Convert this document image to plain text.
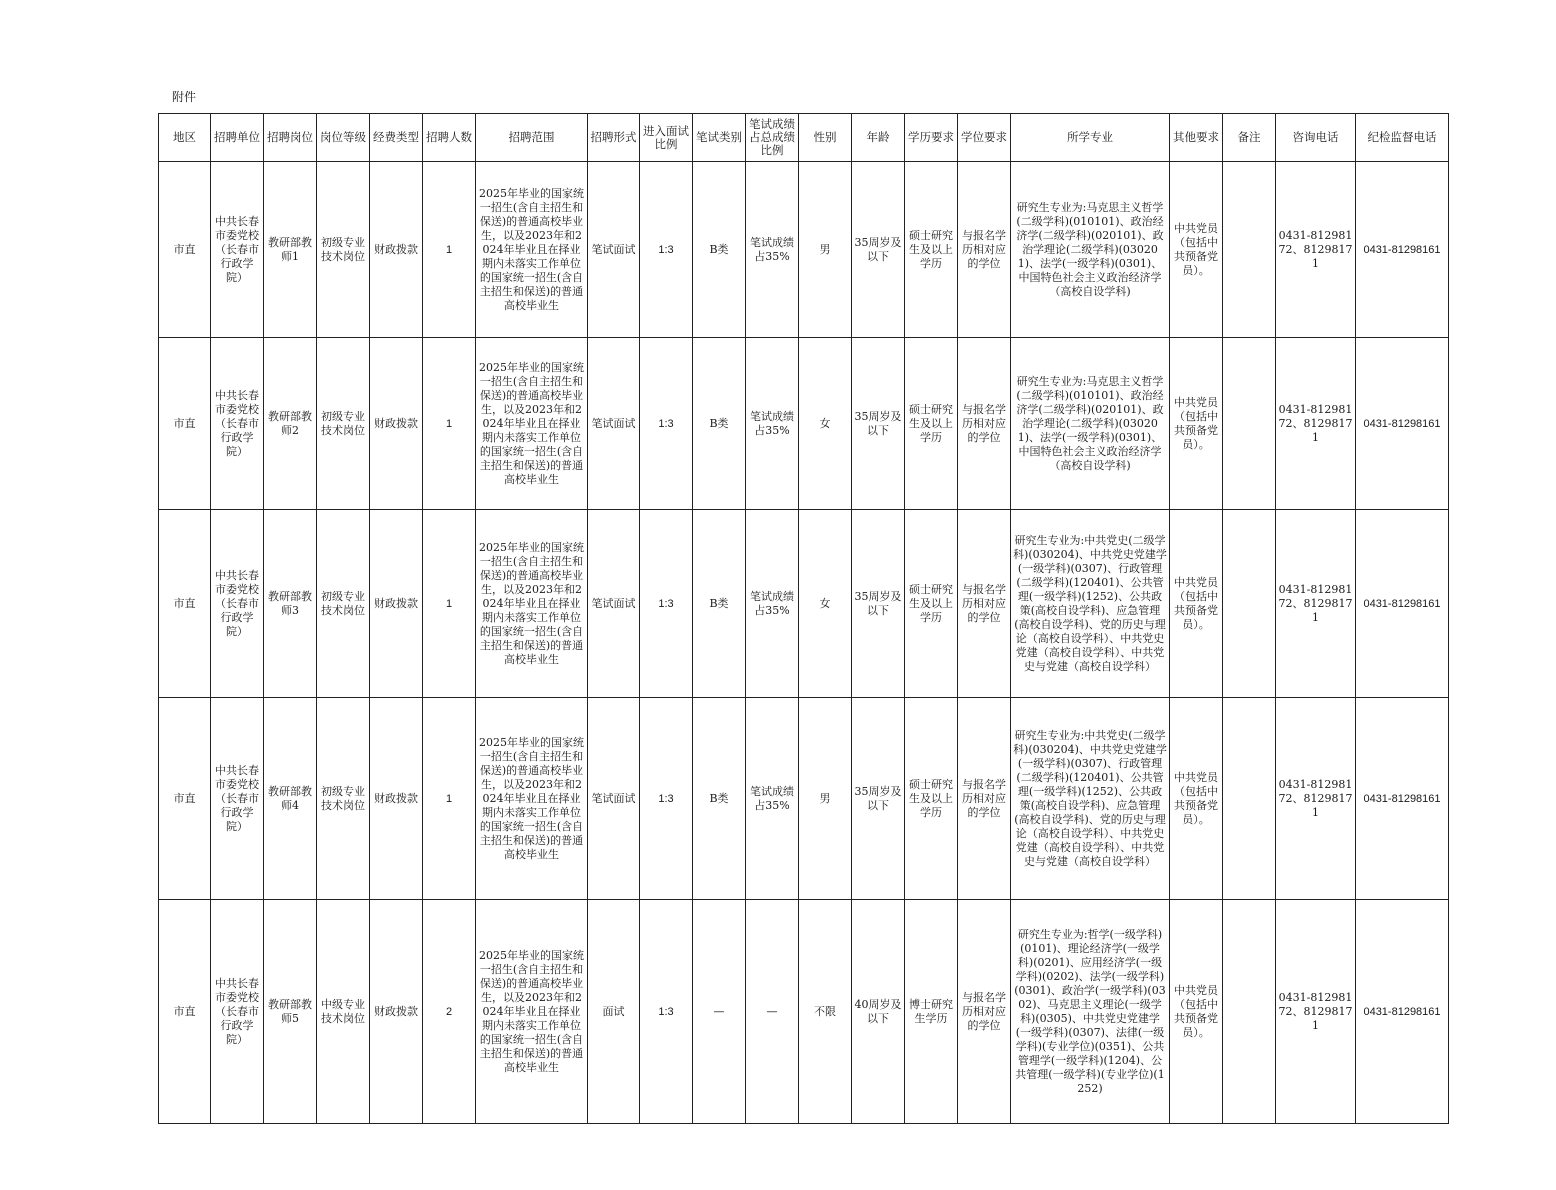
附件
地区	招聘单位	招聘岗位	岗位等级	经费类型	招聘人数	招聘范围	招聘形式	进入面试比例	笔试类别	笔试成绩占总成绩比例	性别	年龄	学历要求	学位要求	所学专业	其他要求	备注	咨询电话	纪检监督电话
市直	中共长春市委党校（长春市行政学院）	教研部教师1	初级专业技术岗位	财政拨款	1	2025年毕业的国家统一招生(含自主招生和保送)的普通高校毕业生，以及2023年和2024年毕业且在择业期内未落实工作单位的国家统一招生(含自主招生和保送)的普通高校毕业生	笔试面试	1:3	B类	笔试成绩占35%	男	35周岁及以下	硕士研究生及以上学历	与报名学历相对应的学位	研究生专业为:马克思主义哲学(二级学科)(010101)、政治经济学(二级学科)(020101)、政治学理论(二级学科)(030201)、法学(一级学科)(0301)、中国特色社会主义政治经济学（高校自设学科)	中共党员（包括中共预备党员）。		0431-81298172、81298171	0431-81298161
市直	中共长春市委党校（长春市行政学院）	教研部教师2	初级专业技术岗位	财政拨款	1	2025年毕业的国家统一招生(含自主招生和保送)的普通高校毕业生，以及2023年和2024年毕业且在择业期内未落实工作单位的国家统一招生(含自主招生和保送)的普通高校毕业生	笔试面试	1:3	B类	笔试成绩占35%	女	35周岁及以下	硕士研究生及以上学历	与报名学历相对应的学位	研究生专业为:马克思主义哲学(二级学科)(010101)、政治经济学(二级学科)(020101)、政治学理论(二级学科)(030201)、法学(一级学科)(0301)、中国特色社会主义政治经济学（高校自设学科)	中共党员（包括中共预备党员）。		0431-81298172、81298171	0431-81298161
市直	中共长春市委党校（长春市行政学院）	教研部教师3	初级专业技术岗位	财政拨款	1	2025年毕业的国家统一招生(含自主招生和保送)的普通高校毕业生，以及2023年和2024年毕业且在择业期内未落实工作单位的国家统一招生(含自主招生和保送)的普通高校毕业生	笔试面试	1:3	B类	笔试成绩占35%	女	35周岁及以下	硕士研究生及以上学历	与报名学历相对应的学位	研究生专业为:中共党史(二级学科)(030204)、中共党史党建学(一级学科)(0307)、行政管理(二级学科)(120401)、公共管理(一级学科)(1252)、公共政策(高校自设学科)、应急管理(高校自设学科)、党的历史与理论（高校自设学科）、中共党史党建（高校自设学科）、中共党史与党建（高校自设学科）	中共党员（包括中共预备党员）。		0431-81298172、81298171	0431-81298161
市直	中共长春市委党校（长春市行政学院）	教研部教师4	初级专业技术岗位	财政拨款	1	2025年毕业的国家统一招生(含自主招生和保送)的普通高校毕业生，以及2023年和2024年毕业且在择业期内未落实工作单位的国家统一招生(含自主招生和保送)的普通高校毕业生	笔试面试	1:3	B类	笔试成绩占35%	男	35周岁及以下	硕士研究生及以上学历	与报名学历相对应的学位	研究生专业为:中共党史(二级学科)(030204)、中共党史党建学(一级学科)(0307)、行政管理(二级学科)(120401)、公共管理(一级学科)(1252)、公共政策(高校自设学科)、应急管理(高校自设学科)、党的历史与理论（高校自设学科）、中共党史党建（高校自设学科）、中共党史与党建（高校自设学科）	中共党员（包括中共预备党员）。		0431-81298172、81298171	0431-81298161
市直	中共长春市委党校（长春市行政学院）	教研部教师5	中级专业技术岗位	财政拨款	2	2025年毕业的国家统一招生(含自主招生和保送)的普通高校毕业生，以及2023年和2024年毕业且在择业期内未落实工作单位的国家统一招生(含自主招生和保送)的普通高校毕业生	面试	1:3	—	—	不限	40周岁及以下	博士研究生学历	与报名学历相对应的学位	研究生专业为:哲学(一级学科)(0101)、理论经济学(一级学科)(0201)、应用经济学(一级学科)(0202)、法学(一级学科)(0301)、政治学(一级学科)(0302)、马克思主义理论(一级学科)(0305)、中共党史党建学(一级学科)(0307)、法律(一级学科)(专业学位)(0351)、公共管理学(一级学科)(1204)、公共管理(一级学科)(专业学位)(1252)	中共党员（包括中共预备党员）。		0431-81298172、81298171	0431-81298161
